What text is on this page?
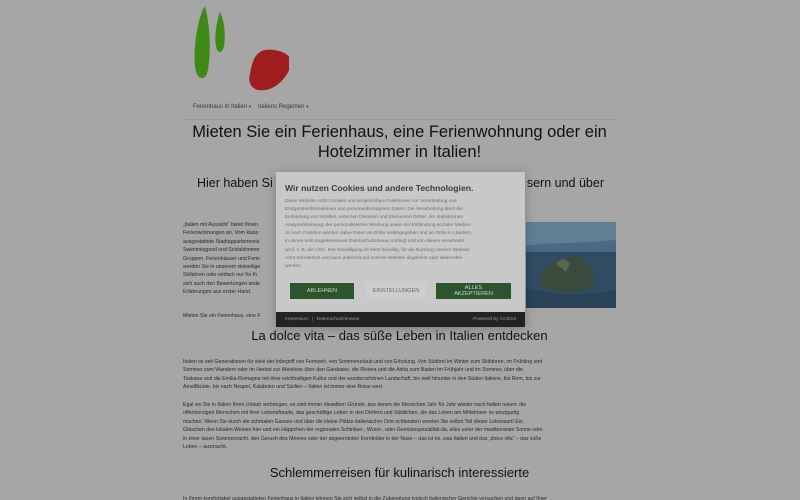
Ferienhaus in Italien▼ Italiens Regionen▼
Mieten Sie ein Ferienhaus, eine Ferienwohnung oder ein Hotelzimmer in Italien!
Hier haben Si	sern und über
„Italien mit Aussicht“ bietet Ihnen
Ferienwohnungen an. Vom klass
ausgestattete Stadtappartements
Swimmingpool und Schlafzimmer
Gruppen, Ferienhäuser und Ferie
werden Sie in unserem vielseitige
Skifahren oder einfach nur für Ih
sich auch den Bewertungen ande
Erfahrungen aus erster Hand.
Mieten Sie ein Ferienhaus, eine F
La dolce vita – das süße Leben in Italien entdecken
Italien ist seit Generationen für viele der Inbegriff von Fernweh, von Sommerurlaub und von Erholung. Von Südtirol im Winter zum Skifahren, im Frühling und
Sommer zum Wandern oder im Herbst zur Weinlese über den Gardasee, die Riviera und die Adria zum Baden im Frühjahr und im Sommer, über die
Toskana und die Emilia-Romagna mit ihrer reichhaltigen Kultur und der wunderschönen Landschaft, bis weit hinunter in den Süden Italiens, bis Rom, bis zur
Amalfiküste, bis nach Neapel, Kalabrien und Sizilien – Italien ist immer eine Reise wert.
Egal wo Sie in Italien Ihren Urlaub verbringen, es sind immer dieselben Gründe, aus denen die Menschen Jahr für Jahr wieder nach Italien reisen: die
offenherzigen Menschen mit ihrer Lebensfreude, das geschäftige Leben in den Dörfern und Städtchen, die das Leben am Mittelmeer so einzigartig
machen. Wenn Sie durch die schmalen Gassen und über die kleine Plätze italienischer Orte schlendern werden Sie selbst Teil dieser Lebensart! Ein
Gläschen des lokalen Weines hier und ein Häppchen der regionalen Schinken-, Wurst-, oder Gemüsespezialität da, alles unter der mediterranen Sonne oder
in einer lauen Sommernacht, den Geruch des Meeres oder der abgeernteten Kornfelder in der Nase – das ist es, was Italien und das „dolce vita“ – das süße
Leben – ausmacht.
Schlemmerreisen für kulinarisch interessierte
In Ihrem komfortabel ausgestatteten Ferienhaus in Italien können Sie sich selbst in die Zubereitung typisch italienischer Gerichte versuchen und dann auf Ihrer
Wir nutzen Cookies und andere Technologien.
Diese Website nutzt Cookies und vergleichbare Funktionen zur Verarbeitung von
Endgeräteinformationen und personenbezogenen Daten. Die Verarbeitung dient der
Einbindung von Inhalten, externen Diensten und Elementen Dritter, der statistischen
Analyse/Messung, der personalisierten Werbung sowie der Einbindung sozialer Medien.
Je nach Funktion werden dabei Daten an Dritte weitergegeben und an Dritte in Ländern,
in denen kein angemessenes Datenschutzniveau vorliegt und von diesen verarbeitet
wird, z. B. die USA. Ihre Einwilligung ist stets freiwillig, für die Nutzung unserer Website
nicht erforderlich und kann jederzeit auf unserer Website abgelehnt oder widerrufen
werden.
ABLEHNEN	EINSTELLUNGEN	ALLES
AKZEPTIEREN
Impressum | Datenschutzhinweis	Powered by CCM19
